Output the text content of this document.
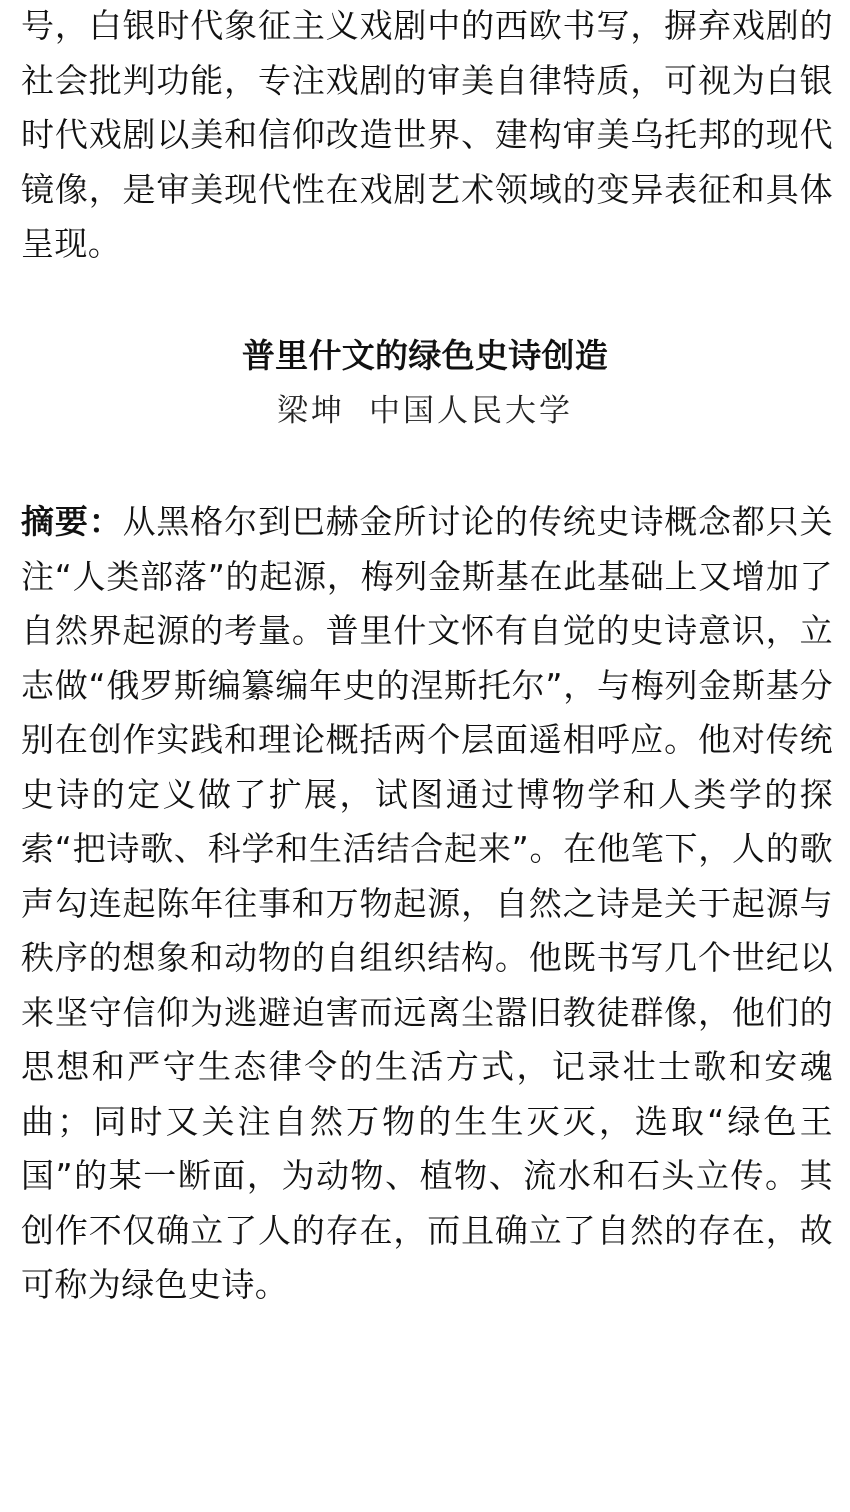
号，白银时代象征主义戏剧中的西欧书写，摒弃戏剧的社会批判功能，专注戏剧的审美自律特质，可视为白银时代戏剧以美和信仰改造世界、建构审美乌托邦的现代镜像，是审美现代性在戏剧艺术领域的变异表征和具体呈现。

普里什文的绿色史诗创造
梁坤 中国人民大学

摘要：从黑格尔到巴赫金所讨论的传统史诗概念都只关注“人类部落”的起源，梅列金斯基在此基础上又增加了自然界起源的考量。普里什文怀有自觉的史诗意识，立志做“俄罗斯编纂编年史的涅斯托尔”，与梅列金斯基分别在创作实践和理论概括两个层面遥相呼应。他对传统史诗的定义做了扩展，试图通过博物学和人类学的探索“把诗歌、科学和生活结合起来”。在他笔下，人的歌声勾连起陈年往事和万物起源，自然之诗是关于起源与秩序的想象和动物的自组织结构。他既书写几个世纪以来坚守信仰为逃避迫害而远离尘嚣旧教徒群像，他们的思想和严守生态律令的生活方式，记录壮士歌和安魂曲；同时又关注自然万物的生生灭灭，选取“绿色王国”的某一断面，为动物、植物、流水和石头立传。其创作不仅确立了人的存在，而且确立了自然的存在，故可称为绿色史诗。
